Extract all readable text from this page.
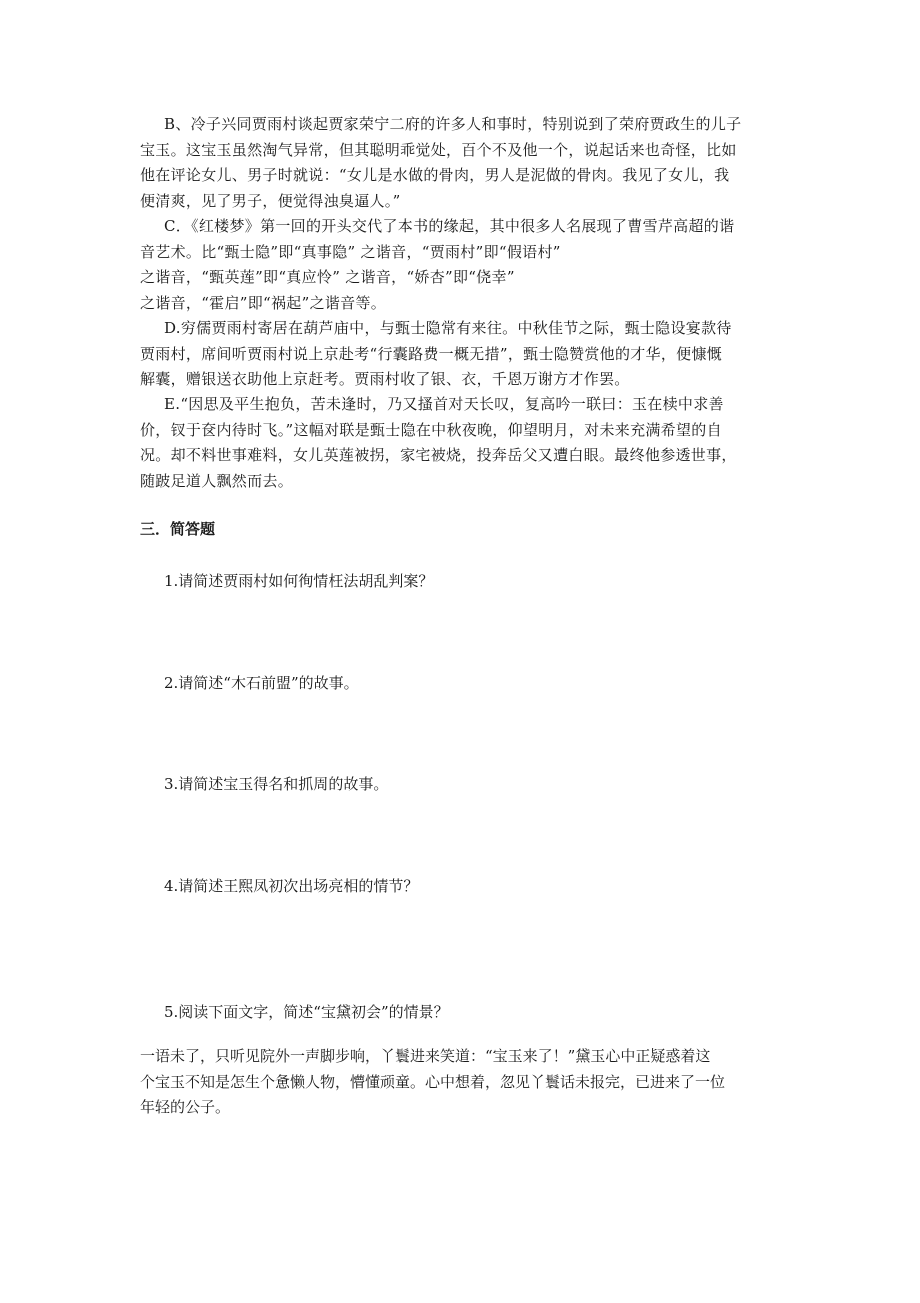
B、冷子兴同贾雨村谈起贾家荣宁二府的许多人和事时，特别说到了荣府贾政生的儿子
宝玉。这宝玉虽然淘气异常，但其聪明乖觉处，百个不及他一个，说起话来也奇怪，比如
他在评论女儿、男子时就说：“女儿是水做的骨肉，男人是泥做的骨肉。我见了女儿，我
便清爽，见了男子，便觉得浊臭逼人。”
C．《红楼梦》第一回的开头交代了本书的缘起，其中很多人名展现了曹雪芹高超的谐
音艺术。比“甄士隐”即“真事隐” 之谐音，“贾雨村”即“假语村”
之谐音，“甄英莲”即“真应怜” 之谐音，“娇杏”即“侥幸”
之谐音，“霍启”即“祸起”之谐音等。
D.穷儒贾雨村寄居在葫芦庙中，与甄士隐常有来往。中秋佳节之际，甄士隐设宴款待
贾雨村，席间听贾雨村说上京赴考“行囊路费一概无措”，甄士隐赞赏他的才华，便慷慨
解囊，赠银送衣助他上京赶考。贾雨村收了银、衣，千恩万谢方才作罢。
E.“因思及平生抱负，苦未逢时，乃又搔首对天长叹，复高吟一联曰：玉在椟中求善
价，钗于奁内待时飞。”这幅对联是甄士隐在中秋夜晚，仰望明月，对未来充满希望的自
况。却不料世事难料，女儿英莲被拐，家宅被烧，投奔岳父又遭白眼。最终他参透世事，
随跛足道人飘然而去。

三．简答题

1.请简述贾雨村如何徇情枉法胡乱判案？

2.请简述“木石前盟”的故事。

3.请简述宝玉得名和抓周的故事。

4.请简述王熙凤初次出场亮相的情节？

5.阅读下面文字，简述“宝黛初会”的情景？

一语未了，只听见院外一声脚步响，丫鬟进来笑道：“宝玉来了！”黛玉心中正疑惑着这
个宝玉不知是怎生个惫懒人物，懵懂顽童。心中想着，忽见丫鬟话未报完，已进来了一位
年轻的公子。
